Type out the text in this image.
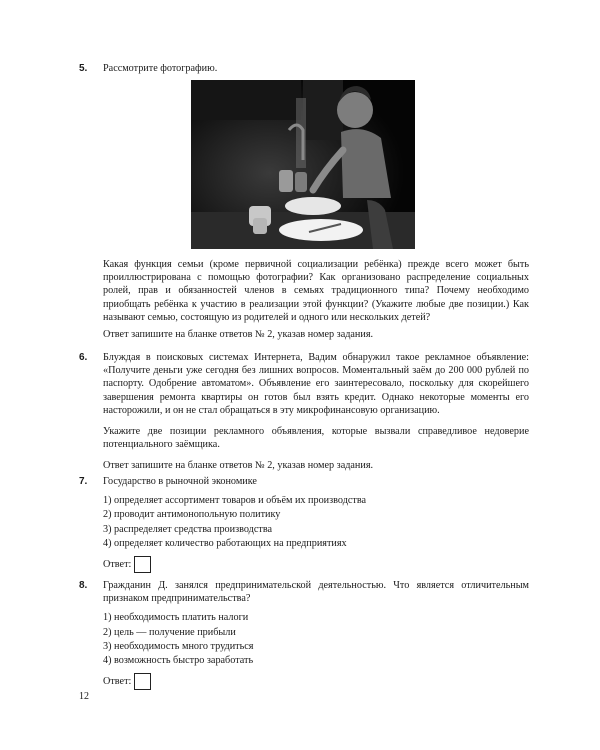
5. Рассмотрите фотографию.

Какая функция семьи (кроме первичной социализации ребёнка) прежде всего может быть проиллюстрирована с помощью фотографии? Как организовано распределение социальных ролей, прав и обязанностей членов в семьях традиционного типа? Почему необходимо приобщать ребёнка к участию в реализации этой функции? (Укажите любые две позиции.) Как называют семью, состоящую из родителей и одного или нескольких детей?

Ответ запишите на бланке ответов № 2, указав номер задания.

6. Блуждая в поисковых системах Интернета, Вадим обнаружил такое рекламное объявление: «Получите деньги уже сегодня без лишних вопросов. Моментальный заём до 200 000 рублей по паспорту. Одобрение автоматом». Объявление его заинтересовало, поскольку для скорейшего завершения ремонта квартиры он готов был взять кредит. Однако некоторые моменты его насторожили, и он не стал обращаться в эту микрофинансовую организацию.

Укажите две позиции рекламного объявления, которые вызвали справедливое недоверие потенциального заёмщика.

Ответ запишите на бланке ответов № 2, указав номер задания.

7. Государство в рыночной экономике

1) определяет ассортимент товаров и объём их производства

2) проводит антимонопольную политику

3) распределяет средства производства

4) определяет количество работающих на предприятиях

Ответ:
8. Гражданин Д. занялся предпринимательской деятельностью. Что является отличительным признаком предпринимательства?

1) необходимость платить налоги

2) цель — получение прибыли

3) необходимость много трудиться

4) возможность быстро заработать

Ответ:
12
